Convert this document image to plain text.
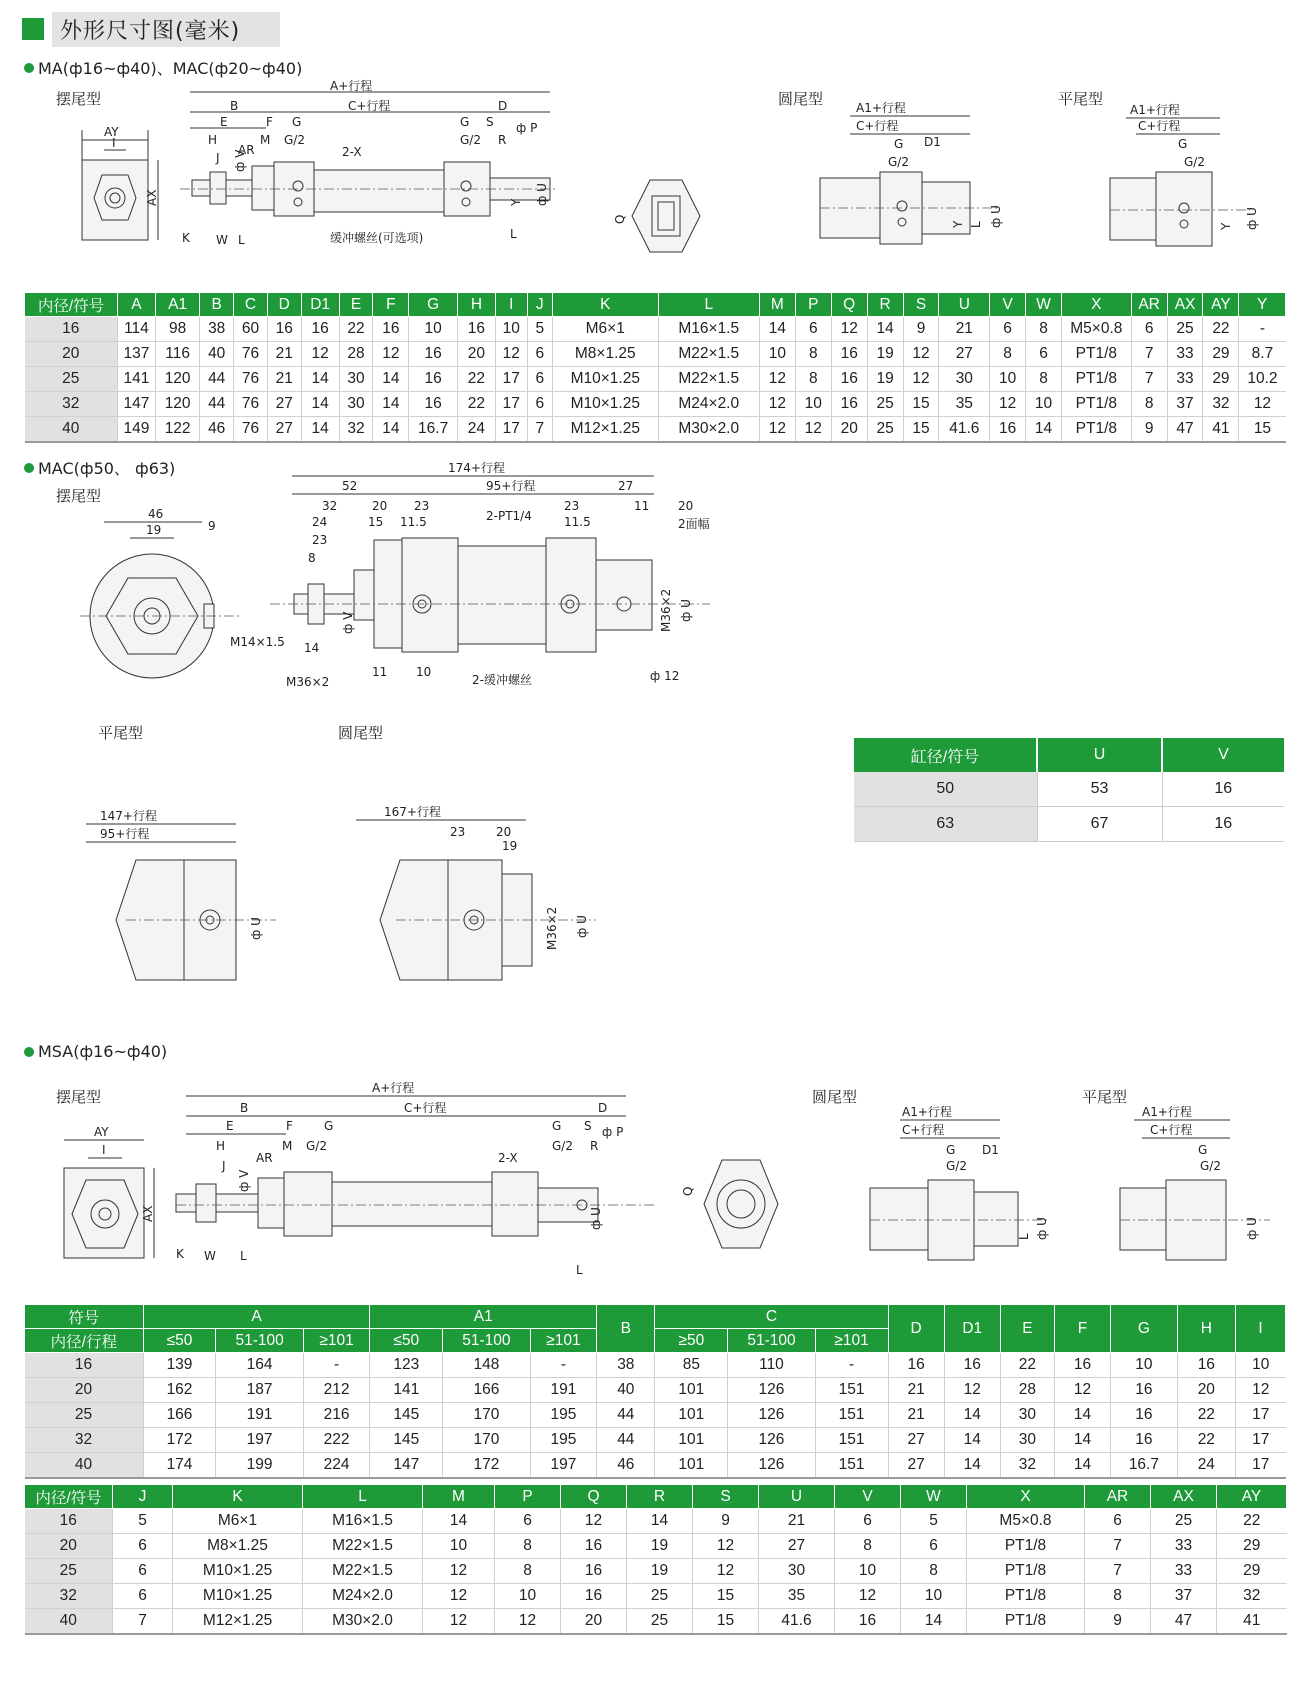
外形尺寸图(毫米)
MA(ф16~ф40)、MAC(ф20~ф40)
摆尾型	圆尾型	平尾型
AY
I
AX
A+行程
B	C+行程	D
E	F G
G/2
H	M
AR
J
G S
G/2 R
ф P
2-X
Y ф U
ф V
K W L	缓冲螺丝(可选项)	L
Q
A1+行程
C+行程
G D1
G/2
Y L ф U
A1+行程
C+行程
G
G/2
Y ф U
内径/符号	A	A1	B	C	D	D1	E	F	G	H	I	J	K	L	M	P	Q	R	S	U	V	W	X	AR	AX	AY	Y
16	114	98	38	60	16	16	22	16	10	16	10	5	M6×1	M16×1.5	14	6	12	14	9	21	6	8	M5×0.8	6	25	22	-
20	137	116	40	76	21	12	28	12	16	20	12	6	M8×1.25	M22×1.5	10	8	16	19	12	27	8	6	PT1/8	7	33	29	8.7
25	141	120	44	76	21	14	30	14	16	22	17	6	M10×1.25	M22×1.5	12	8	16	19	12	30	10	8	PT1/8	7	33	29	10.2
32	147	120	44	76	27	14	30	14	16	22	17	6	M10×1.25	M24×2.0	12	10	16	25	15	35	12	10	PT1/8	8	37	32	12
40	149	122	46	76	27	14	32	14	16.7	24	17	7	M12×1.25	M30×2.0	12	12	20	25	15	41.6	16	14	PT1/8	9	47	41	15
MAC(ф50、 ф63)
摆尾型
平尾型	圆尾型
46
19	9
174+行程
52	95+行程	27
32	20 23	23	11
24	15 11.5	11.5
23
8
2-PT1/4
20
2面幅
M14×1.5 14
ф V
M36×2
11 10
2-缓冲螺丝	ф 12
M36×2 ф U
缸径/符号	U	V
50	53	16
63	67	16
147+行程
95+行程
ф U
167+行程
23	20
19
M36×2 ф U
MSA(ф16~ф40)
摆尾型	圆尾型	平尾型
AY
I
AX
A+行程
B	C+行程	D
E	F	G
H	M G/2
AR
J
G S
G/2 R
ф P
2-X
ф U
ф V
K W L
L
Q
A1+行程
C+行程
G D1
G/2
L ф U
A1+行程
C+行程
G
G/2
ф U
符号	A			A1			B	C			D	D1	E	F	G	H	I
内径/行程	≤50	51-100	≥101	≤50	51-100	≥101		≥50	51-100	≥101							
16	139	164	-	123	148	-	38	85	110	-	16	16	22	16	10	16	10
20	162	187	212	141	166	191	40	101	126	151	21	12	28	12	16	20	12
25	166	191	216	145	170	195	44	101	126	151	21	14	30	14	16	22	17
32	172	197	222	145	170	195	44	101	126	151	27	14	30	14	16	22	17
40	174	199	224	147	172	197	46	101	126	151	27	14	32	14	16.7	24	17
内径/符号	J	K	L	M	P	Q	R	S	U	V	W	X	AR	AX	AY
16	5	M6×1	M16×1.5	14	6	12	14	9	21	6	5	M5×0.8	6	25	22
20	6	M8×1.25	M22×1.5	10	8	16	19	12	27	8	6	PT1/8	7	33	29
25	6	M10×1.25	M22×1.5	12	8	16	19	12	30	10	8	PT1/8	7	33	29
32	6	M10×1.25	M24×2.0	12	10	16	25	15	35	12	10	PT1/8	8	37	32
40	7	M12×1.25	M30×2.0	12	12	20	25	15	41.6	16	14	PT1/8	9	47	41
